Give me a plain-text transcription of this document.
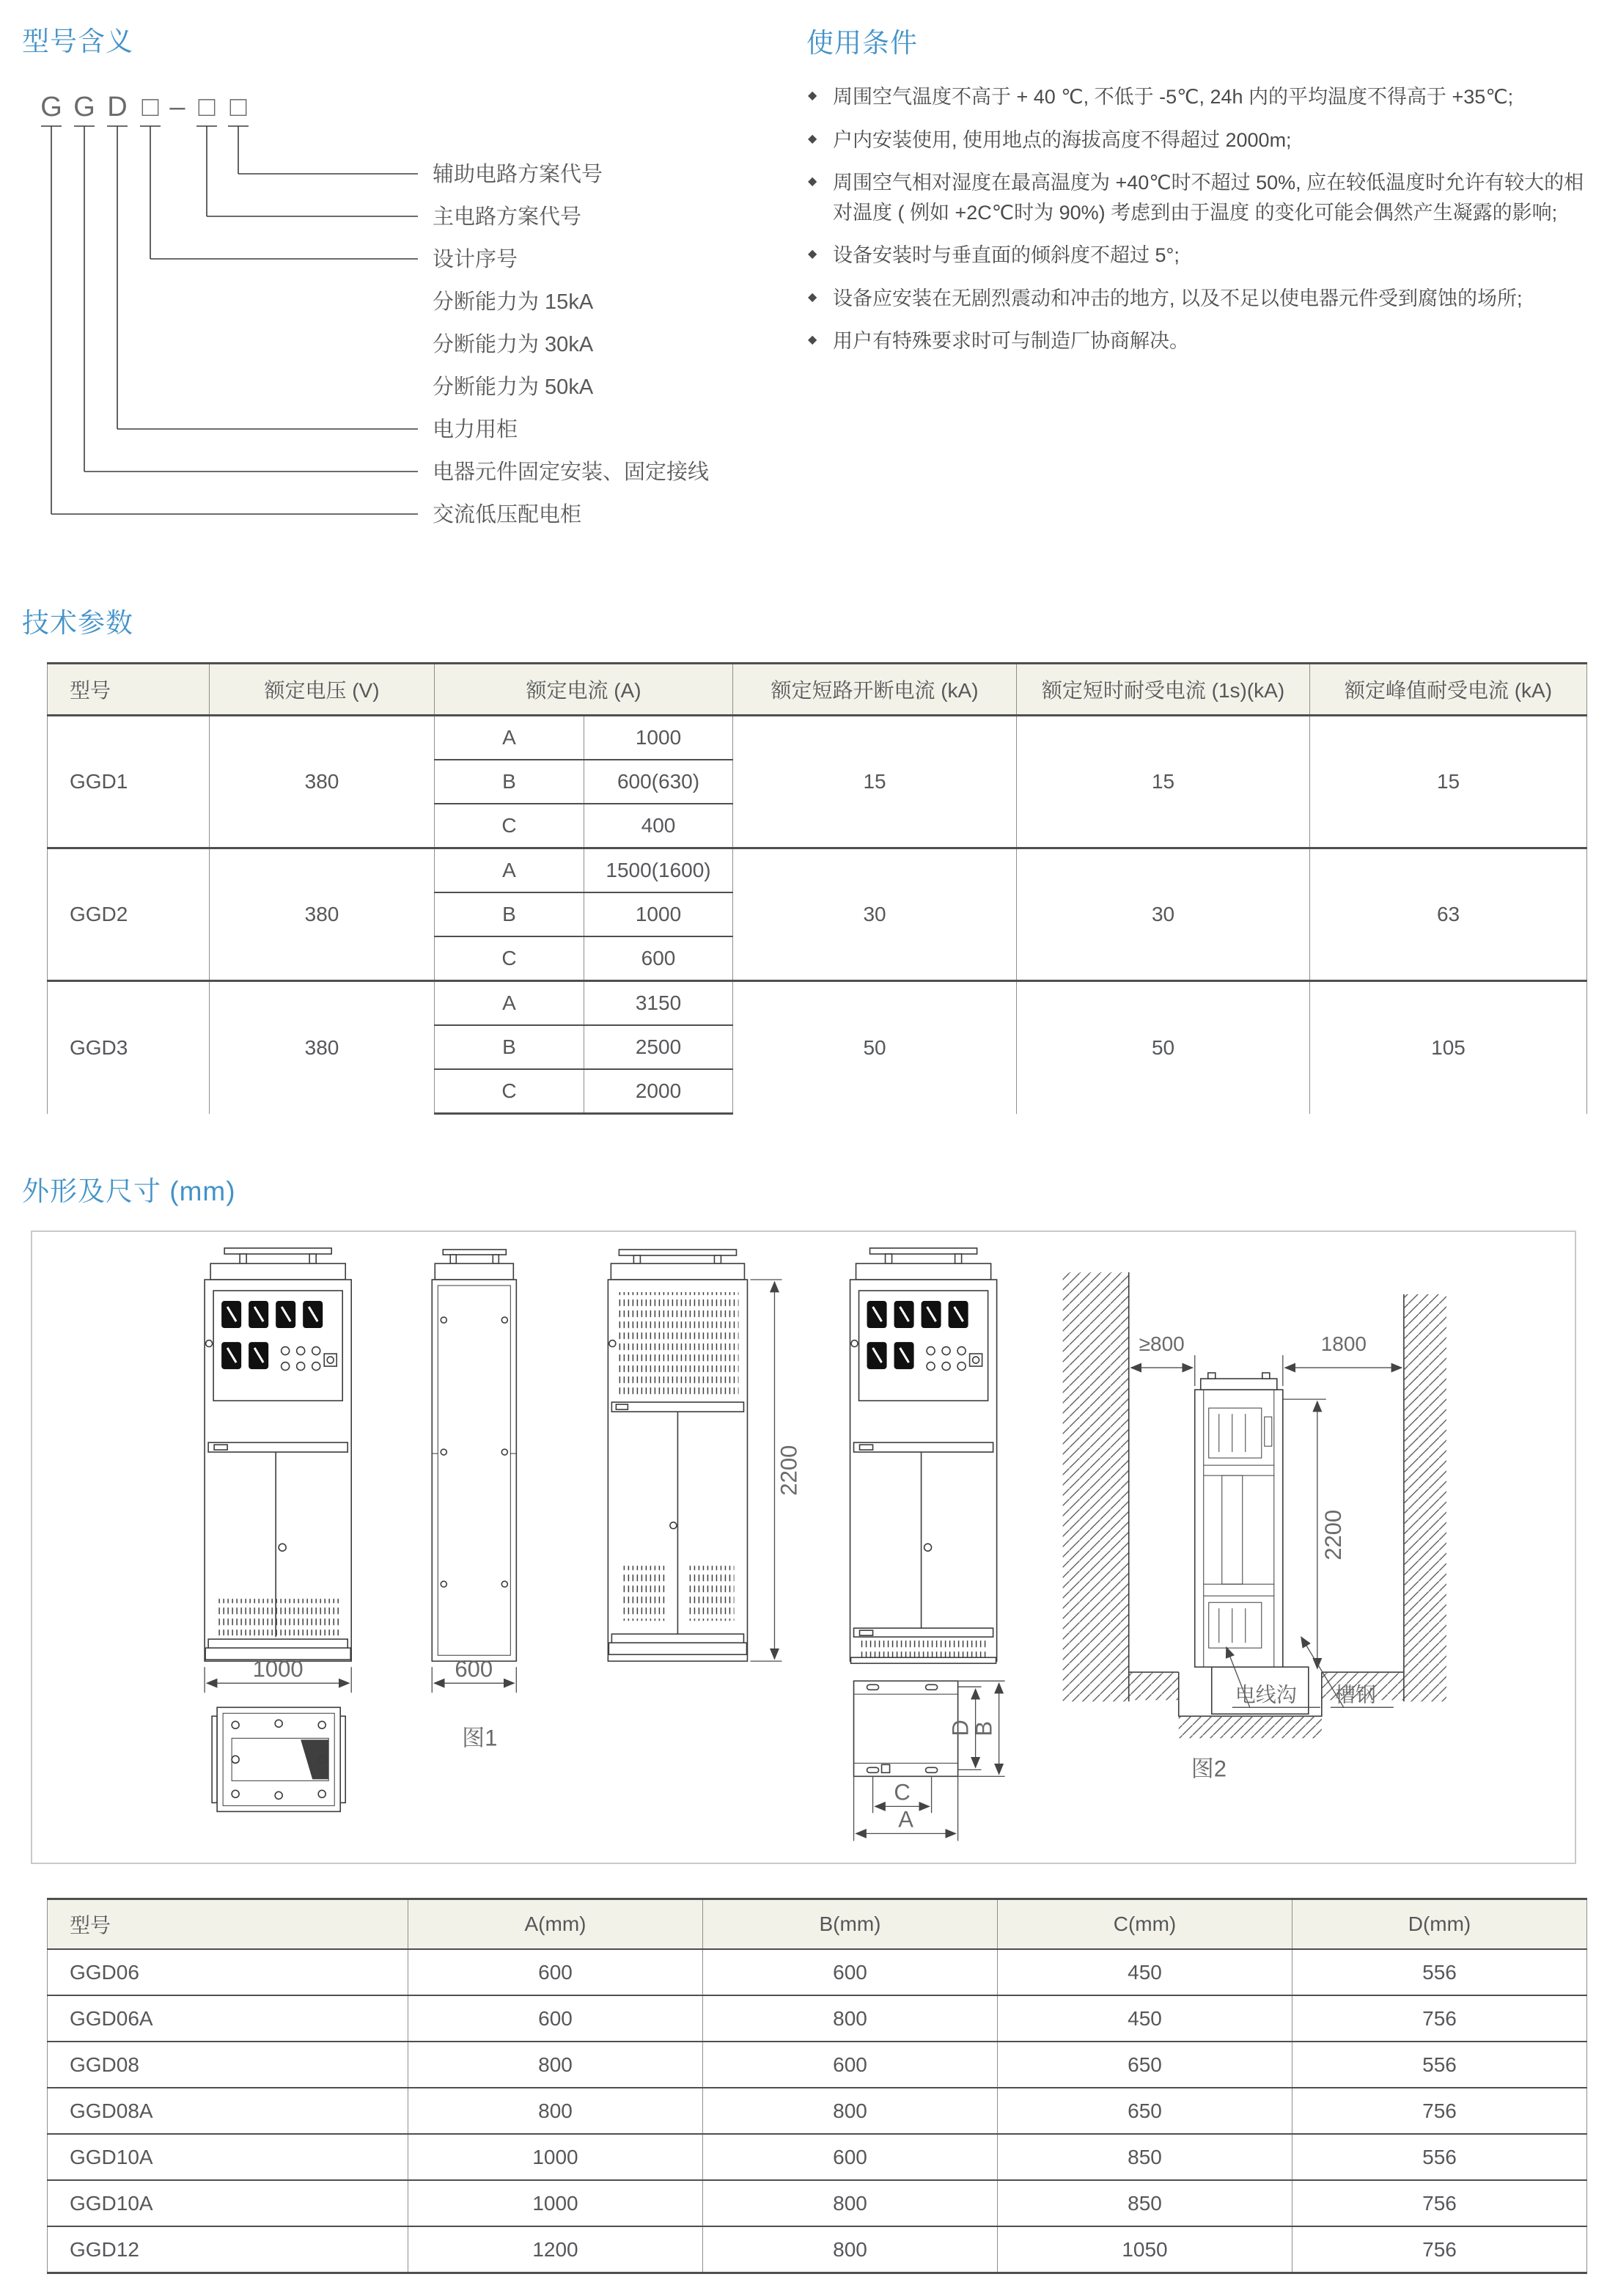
型号含义
G G D □ – □ □
辅助电路方案代号
主电路方案代号
设计序号
分断能力为 15kA
分断能力为 30kA
分断能力为 50kA
电力用柜
电器元件固定安装、固定接线
交流低压配电柜
使用条件
◆ 周围空气温度不高于 + 40 ℃, 不低于 -5℃, 24h 内的平均温度不得高于 +35℃;
◆ 户内安装使用, 使用地点的海拔高度不得超过 2000m;
◆ 周围空气相对湿度在最高温度为 +40℃时不超过 50%, 应在较低温度时允许有较大的相对温度 ( 例如 +2C℃时为 90%) 考虑到由于温度 的变化可能会偶然产生凝露的影响;
◆ 设备安装时与垂直面的倾斜度不超过 5°;
◆ 设备应安装在无剧烈震动和冲击的地方, 以及不足以使电器元件受到腐蚀的场所;
◆ 用户有特殊要求时可与制造厂协商解决。
技术参数
型号	额定电压 (V)	额定电流 (A)		额定短路开断电流 (kA)	额定短时耐受电流 (1s)(kA)	额定峰值耐受电流 (kA)
GGD1	380	A	1000	15	15	15
		B	600(630)			
		C	400			
GGD2	380	A	1500(1600)	30	30	63
		B	1000			
		C	600			
GGD3	380	A	3150	50	50	105
		B	2500			
		C	2000			
外形及尺寸 (mm)
1000	600
图1
2200
D
B
C
A
≥800	1800
2200
电线沟 槽钢
图2
型号	A(mm)	B(mm)	C(mm)	D(mm)
GGD06	600	600	450	556
GGD06A	600	800	450	756
GGD08	800	600	650	556
GGD08A	800	800	650	756
GGD10A	1000	600	850	556
GGD10A	1000	800	850	756
GGD12	1200	800	1050	756
